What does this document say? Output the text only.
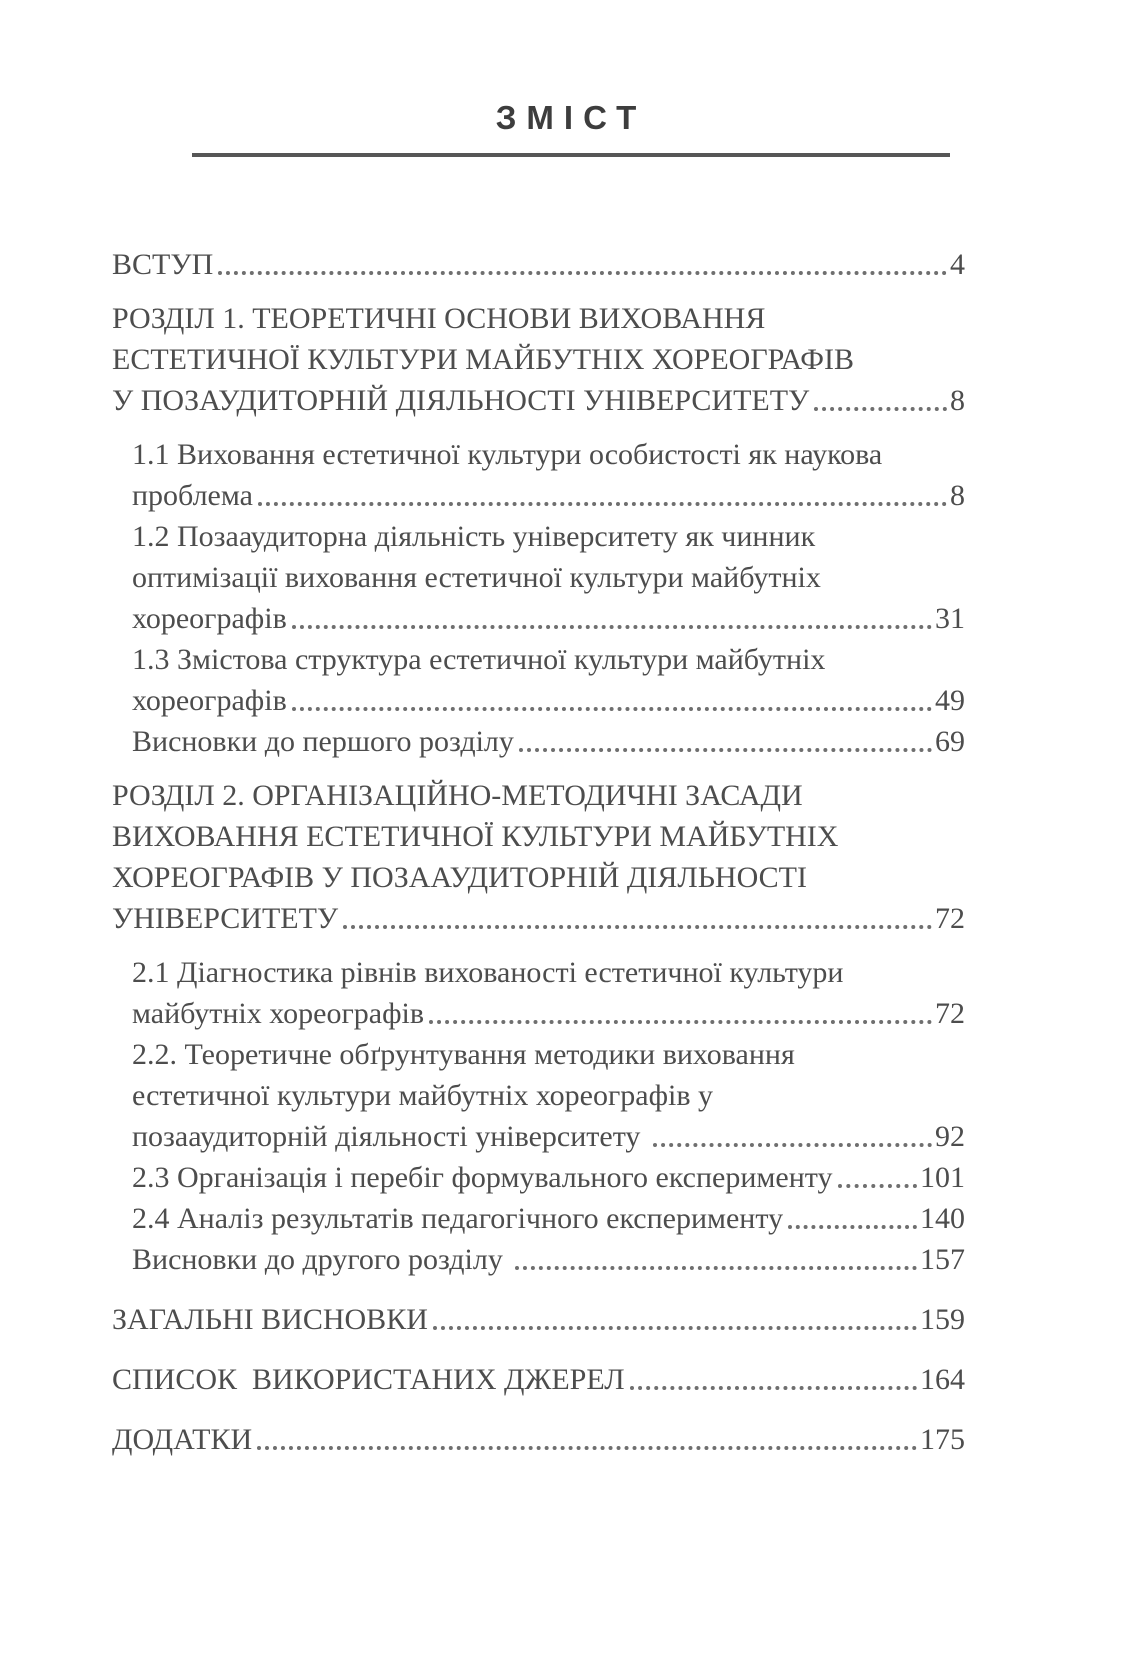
ЗМІСТ
ВСТУП	4
РОЗДІЛ 1. ТЕОРЕТИЧНІ ОСНОВИ ВИХОВАННЯ
ЕСТЕТИЧНОЇ КУЛЬТУРИ МАЙБУТНІХ ХОРЕОГРАФІВ
У ПОЗАУДИТОРНІЙ ДІЯЛЬНОСТІ УНІВЕРСИТЕТУ	8
1.1 Виховання естетичної культури особистості як наукова
проблема	8
1.2 Позааудиторна діяльність університету як чинник
оптимізації виховання естетичної культури майбутніх
хореографів	31
1.3 Змістова структура естетичної культури майбутніх
хореографів	49
Висновки до першого розділу	69
РОЗДІЛ 2. ОРГАНІЗАЦІЙНО-МЕТОДИЧНІ ЗАСАДИ
ВИХОВАННЯ ЕСТЕТИЧНОЇ КУЛЬТУРИ МАЙБУТНІХ
ХОРЕОГРАФІВ У ПОЗААУДИТОРНІЙ ДІЯЛЬНОСТІ
УНІВЕРСИТЕТУ	72
2.1 Діагностика рівнів вихованості естетичної культури
майбутніх хореографів	72
2.2. Теоретичне обґрунтування методики виховання
естетичної культури майбутніх хореографів у
позааудиторній діяльності університету	92
2.3 Організація і перебіг формувального експерименту	101
2.4 Аналіз результатів педагогічного експерименту	140
Висновки до другого розділу	157
ЗАГАЛЬНІ ВИСНОВКИ	159
СПИСОК  ВИКОРИСТАНИХ ДЖЕРЕЛ	164
ДОДАТКИ	175
